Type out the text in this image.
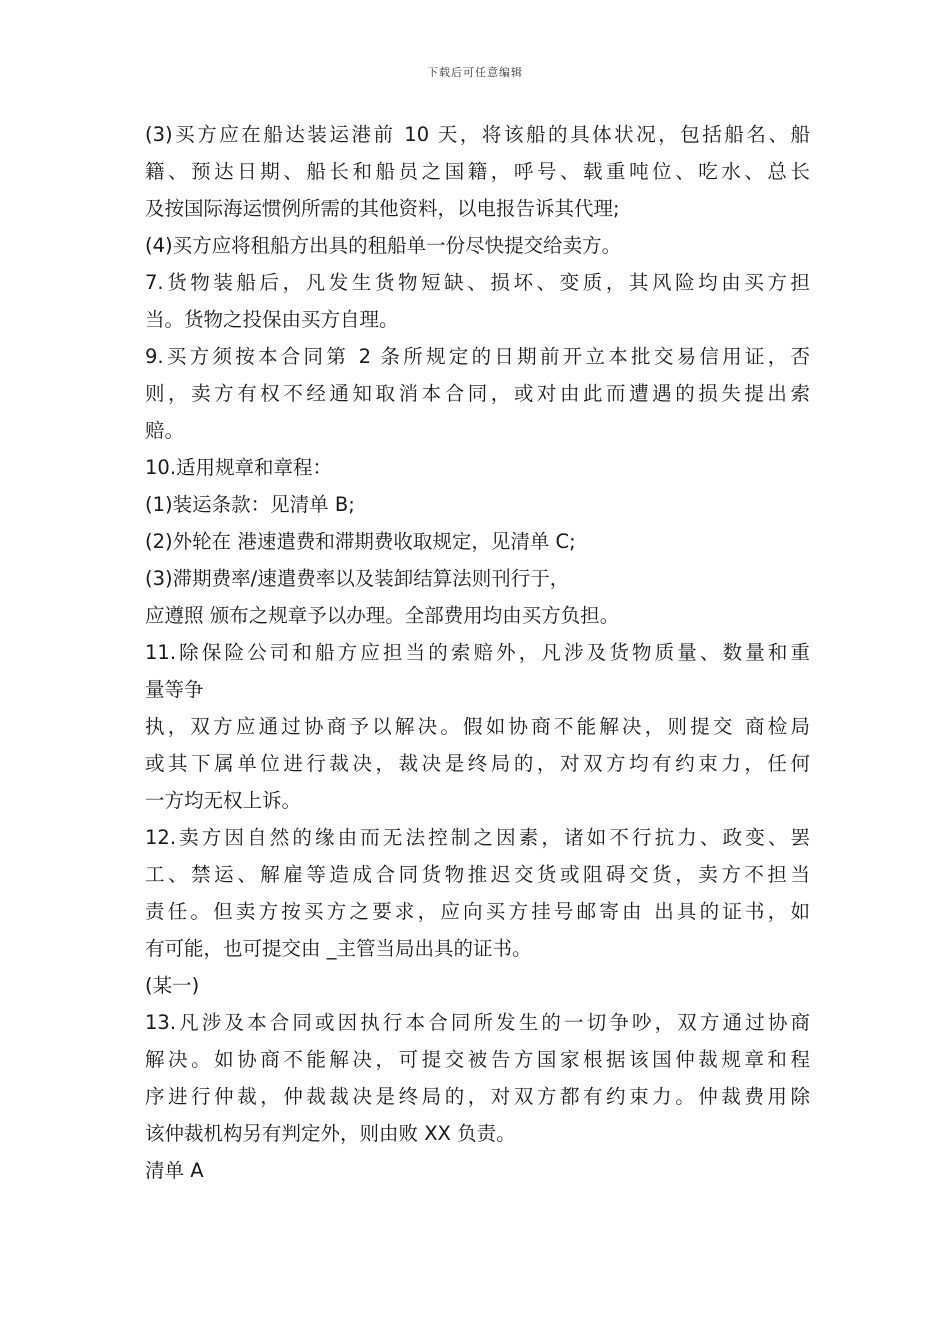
下载后可任意编辑
(3)买方应在船达装运港前 10 天，将该船的具体状况，包括船名、船
籍、预达日期、船长和船员之国籍，呼号、载重吨位、吃水、总长
及按国际海运惯例所需的其他资料，以电报告诉其代理;
(4)买方应将租船方出具的租船单一份尽快提交给卖方。
7.货物装船后，凡发生货物短缺、损坏、变质，其风险均由买方担
当。货物之投保由买方自理。
9.买方须按本合同第 2 条所规定的日期前开立本批交易信用证，否
则，卖方有权不经通知取消本合同，或对由此而遭遇的损失提出索
赔。
10.适用规章和章程：
(1)装运条款：见清单 B;
(2)外轮在 港速遣费和滞期费收取规定，见清单 C;
(3)滞期费率/速遣费率以及装卸结算法则刊行于，
应遵照 颁布之规章予以办理。全部费用均由买方负担。
11.除保险公司和船方应担当的索赔外，凡涉及货物质量、数量和重
量等争
执，双方应通过协商予以解决。假如协商不能解决，则提交 商检局
或其下属单位进行裁决，裁决是终局的，对双方均有约束力，任何
一方均无权上诉。
12.卖方因自然的缘由而无法控制之因素，诸如不行抗力、政变、罢
工、禁运、解雇等造成合同货物推迟交货或阻碍交货，卖方不担当
责任。但卖方按买方之要求，应向买方挂号邮寄由 出具的证书，如
有可能，也可提交由 _主管当局出具的证书。
(某一)
13.凡涉及本合同或因执行本合同所发生的一切争吵，双方通过协商
解决。如协商不能解决，可提交被告方国家根据该国仲裁规章和程
序进行仲裁，仲裁裁决是终局的，对双方都有约束力。仲裁费用除
该仲裁机构另有判定外，则由败 XX 负责。
清单 A
